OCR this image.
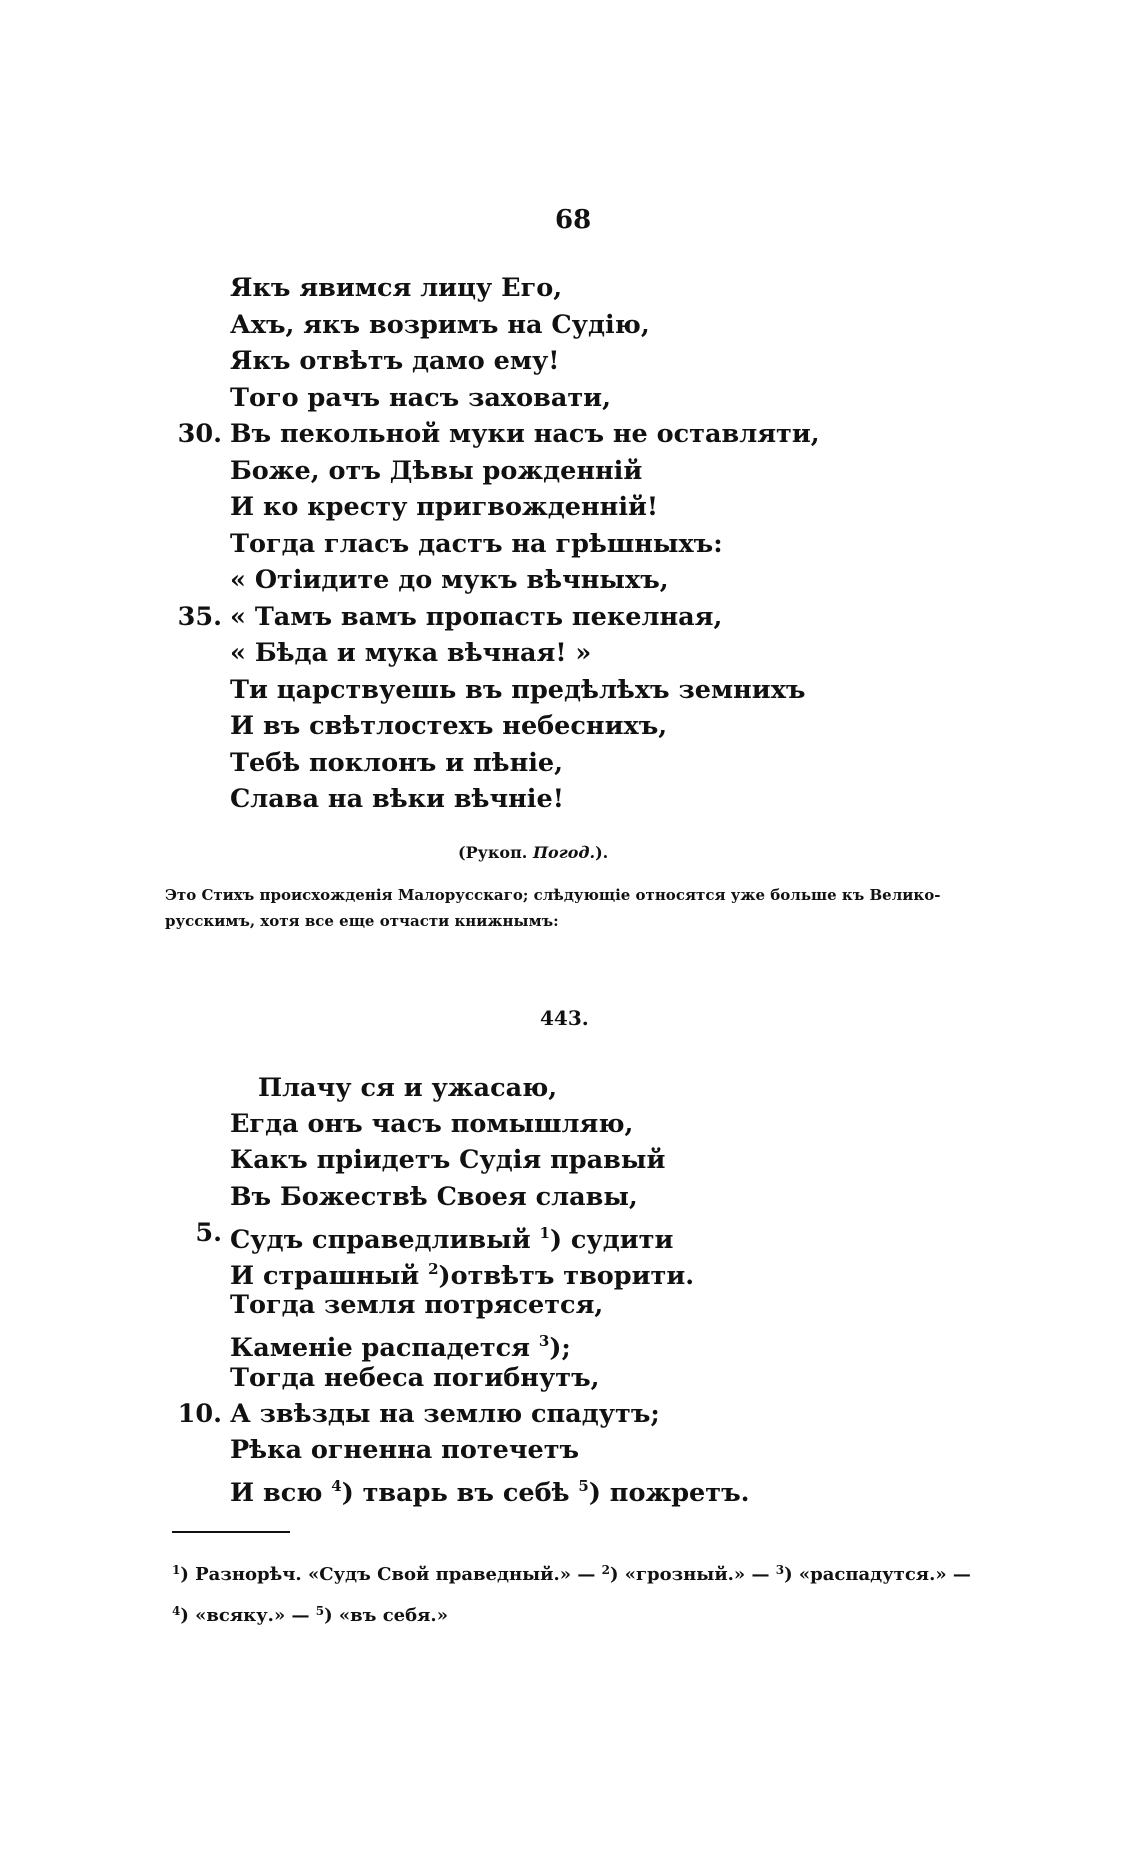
68
Якъ явимся лицу Его,
Ахъ, якъ возримъ на Судію,
Якъ отвѣтъ дамо ему!
Того рачъ насъ заховати,
30. Въ пекольной муки насъ не оставляти,
Боже, отъ Дѣвы рожденній
И ко кресту пригвожденній!
Тогда гласъ дастъ на грѣшныхъ:
« Отіидите до мукъ вѣчныхъ,
35. « Тамъ вамъ пропасть пекелная,
« Бѣда и мука вѣчная! »
Ти царствуешь въ предѣлѣхъ земнихъ
И въ свѣтлостехъ небеснихъ,
Тебѣ поклонъ и пѣніе,
Слава на вѣки вѣчніе!
(Рукоп. Погод.).
Это Стихъ происхожденія Малорусскаго; слѣдующіе относятся уже больше къ Велико-
русскимъ, хотя все еще отчасти книжнымъ:
443.
Плачу ся и ужасаю,
Егда онъ часъ помышляю,
Какъ пріидетъ Судія правый
Въ Божествѣ Своея славы,
5. Судъ справедливый $^1$) судити
И страшный $^2$)отвѣтъ творити.
Тогда земля потрясется,
Каменіе распадется $^3$);
Тогда небеса погибнутъ,
10. А звѣзды на землю спадутъ;
Рѣка огненна потечетъ
И всю $^4$) тварь въ себѣ $^5$) пожретъ.
$^1$) Разнорѣч. «Судъ Свой праведный.» — $^2$) «грозный.» — $^3$) «распадутся.» —
$^4$) «всяку.» — $^5$) «въ себя.»
